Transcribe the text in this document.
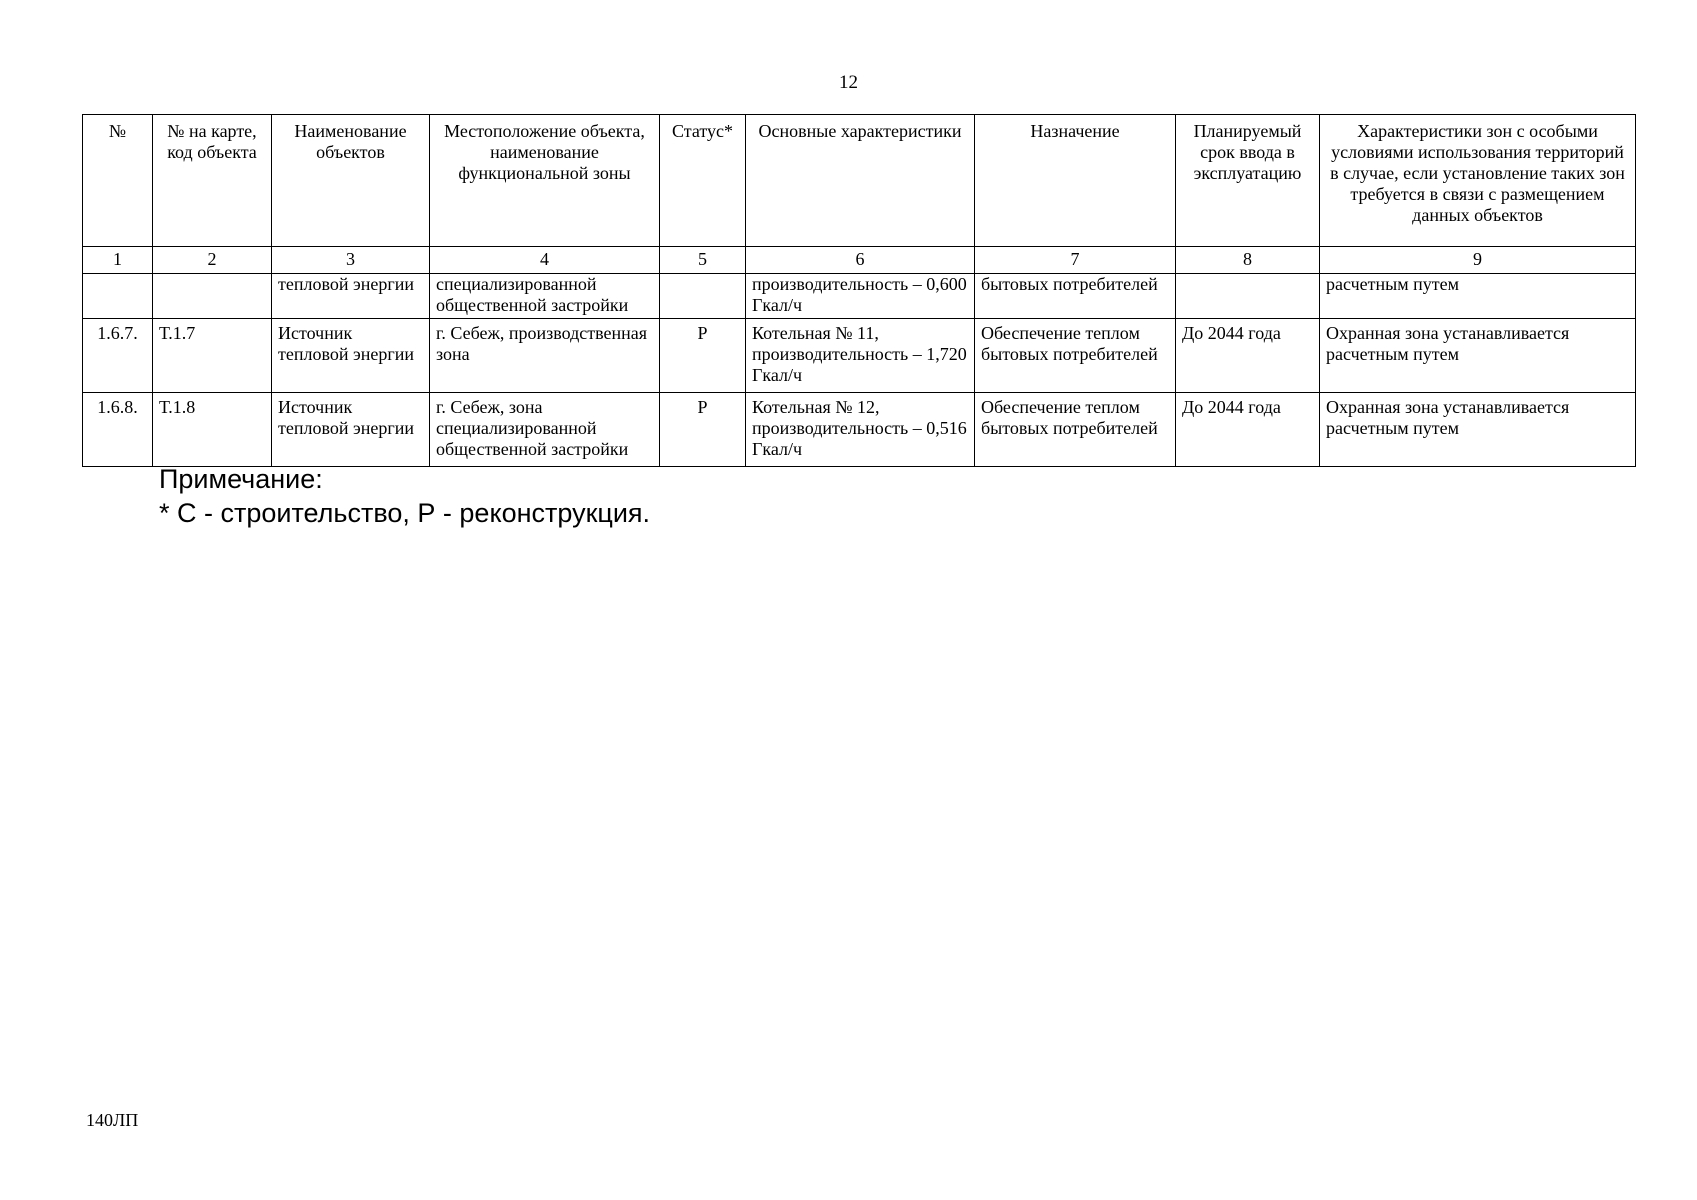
12
№	№ на карте, код объекта	Наименование объектов	Местоположение объекта, наименование функциональной зоны	Статус*	Основные характеристики	Назначение	Планируемый срок ввода в эксплуатацию	Характеристики зон с особыми условиями использования территорий в случае, если установление таких зон требуется в связи с размещением данных объектов
1	2	3	4	5	6	7	8	9
		тепловой энергии	специализированной общественной застройки		производительность – 0,600 Гкал/ч	бытовых потребителей		расчетным путем
1.6.7.	Т.1.7	Источник тепловой энергии	г. Себеж, производственная зона	Р	Котельная № 11, производительность – 1,720 Гкал/ч	Обеспечение теплом бытовых потребителей	До 2044 года	Охранная зона устанавливается расчетным путем
1.6.8.	Т.1.8	Источник тепловой энергии	г. Себеж, зона специализированной общественной застройки	Р	Котельная № 12, производительность – 0,516 Гкал/ч	Обеспечение теплом бытовых потребителей	До 2044 года	Охранная зона устанавливается расчетным путем
Примечание:
* С - строительство, Р - реконструкция.
140ЛП
